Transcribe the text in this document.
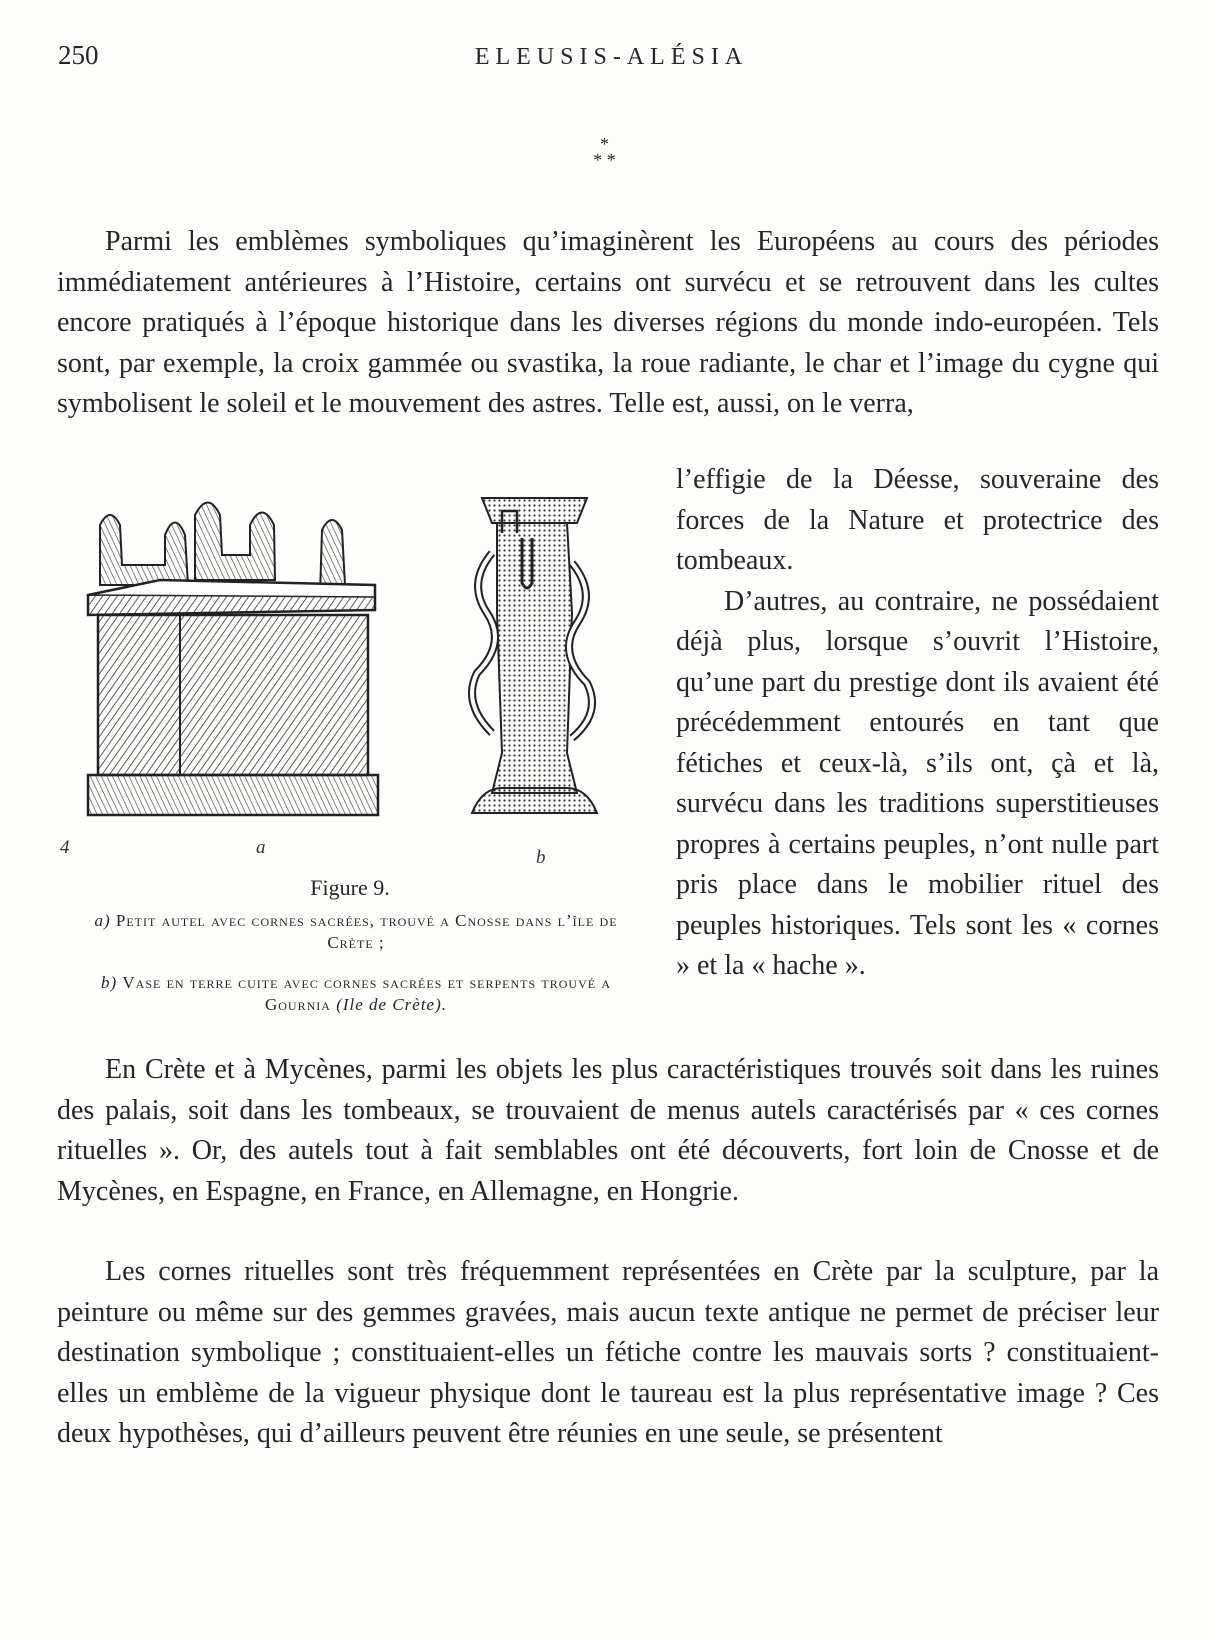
250	ELEUSIS-ALÉSIA
*
* *

Parmi les emblèmes symboliques qu’imaginèrent les Européens au cours des périodes immédiatement antérieures à l’Histoire, certains ont survécu et se retrouvent dans les cultes encore pratiqués à l’époque historique dans les diverses régions du monde indo-européen. Tels sont, par exemple, la croix gammée ou svastika, la roue radiante, le char et l’image du cygne qui symbolisent le soleil et le mouvement des astres. Telle est, aussi, on le verra,

l’effigie de la Déesse, souveraine des forces de la Nature et protectrice des tombeaux.

D’autres, au contraire, ne possédaient déjà plus, lorsque s’ouvrit l’Histoire, qu’une part du prestige dont ils avaient été précédemment entourés en tant que fétiches et ceux-là, s’ils ont, çà et là, survécu dans les traditions superstitieuses propres à certains peuples, n’ont nulle part pris place dans le mobilier rituel des peuples historiques. Tels sont les « cornes » et la « hache ».

4	a	b
Figure 9.
a) Petit autel avec cornes sacrées, trouvé a Cnosse dans l’île de Crète ;
b) Vase en terre cuite avec cornes sacrées et serpents trouvé a Gournia (Ile de Crète).

En Crète et à Mycènes, parmi les objets les plus caractéristiques trouvés soit dans les ruines des palais, soit dans les tombeaux, se trouvaient de menus autels caractérisés par « ces cornes rituelles ». Or, des autels tout à fait semblables ont été découverts, fort loin de Cnosse et de Mycènes, en Espagne, en France, en Allemagne, en Hongrie.

Les cornes rituelles sont très fréquemment représentées en Crète par la sculpture, par la peinture ou même sur des gemmes gravées, mais aucun texte antique ne permet de préciser leur destination symbolique ; constituaient-elles un fétiche contre les mauvais sorts ? constituaient-elles un emblème de la vigueur physique dont le taureau est la plus représentative image ? Ces deux hypothèses, qui d’ailleurs peuvent être réunies en une seule, se présentent
